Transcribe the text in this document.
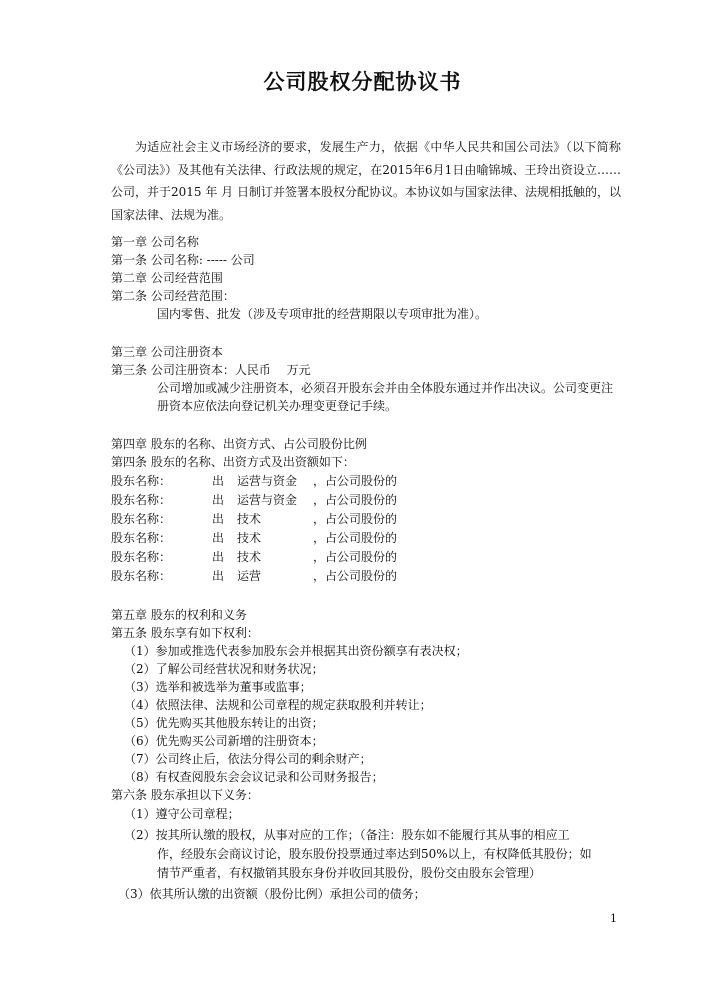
公司股权分配协议书
为适应社会主义市场经济的要求，发展生产力，依据《中华人民共和国公司法》（以下简称《公司法》）及其他有关法律、行政法规的规定，在2015年6月1日由喻锦城、王玲出资设立…… 公司，并于2015 年 月 日制订并签署本股权分配协议。本协议如与国家法律、法规相抵触的，以国家法律、法规为准。
第一章 公司名称
第一条 公司名称: ----- 公司
第二章 公司经营范围
第二条 公司经营范围：
国内零售、批发（涉及专项审批的经营期限以专项审批为准）。
第三章 公司注册资本
第三条 公司注册资本：人民币　 万元
公司增加或减少注册资本，必须召开股东会并由全体股东通过并作出决议。公司变更注册资本应依法向登记机关办理变更登记手续。
第四章 股东的名称、出资方式、占公司股份比例
第四条 股东的名称、出资方式及出资额如下：
股东名称：	出 运营与资金 ，占公司股份的
股东名称：	出 运营与资金 ，占公司股份的
股东名称：	出 技术	，占公司股份的
股东名称：	出 技术	，占公司股份的
股东名称：	出 技术	，占公司股份的
股东名称：	出 运营	，占公司股份的
第五章 股东的权利和义务
第五条 股东享有如下权利：
（1）参加或推选代表参加股东会并根据其出资份额享有表决权；
（2）了解公司经营状况和财务状况；
（3）选举和被选举为董事或监事；
（4）依照法律、法规和公司章程的规定获取股利并转让；
（5）优先购买其他股东转让的出资；
（6）优先购买公司新增的注册资本；
（7）公司终止后，依法分得公司的剩余财产；
（8）有权查阅股东会会议记录和公司财务报告；
第六条 股东承担以下义务：
（1）遵守公司章程；
（2）按其所认缴的股权，从事对应的工作；（备注：股东如不能履行其从事的相应工
作，经股东会商议讨论，股东股份投票通过率达到50%以上，有权降低其股份；如
情节严重者，有权撤销其股东身份并收回其股份，股份交由股东会管理）
（3）依其所认缴的出资额（股份比例）承担公司的债务；
1
